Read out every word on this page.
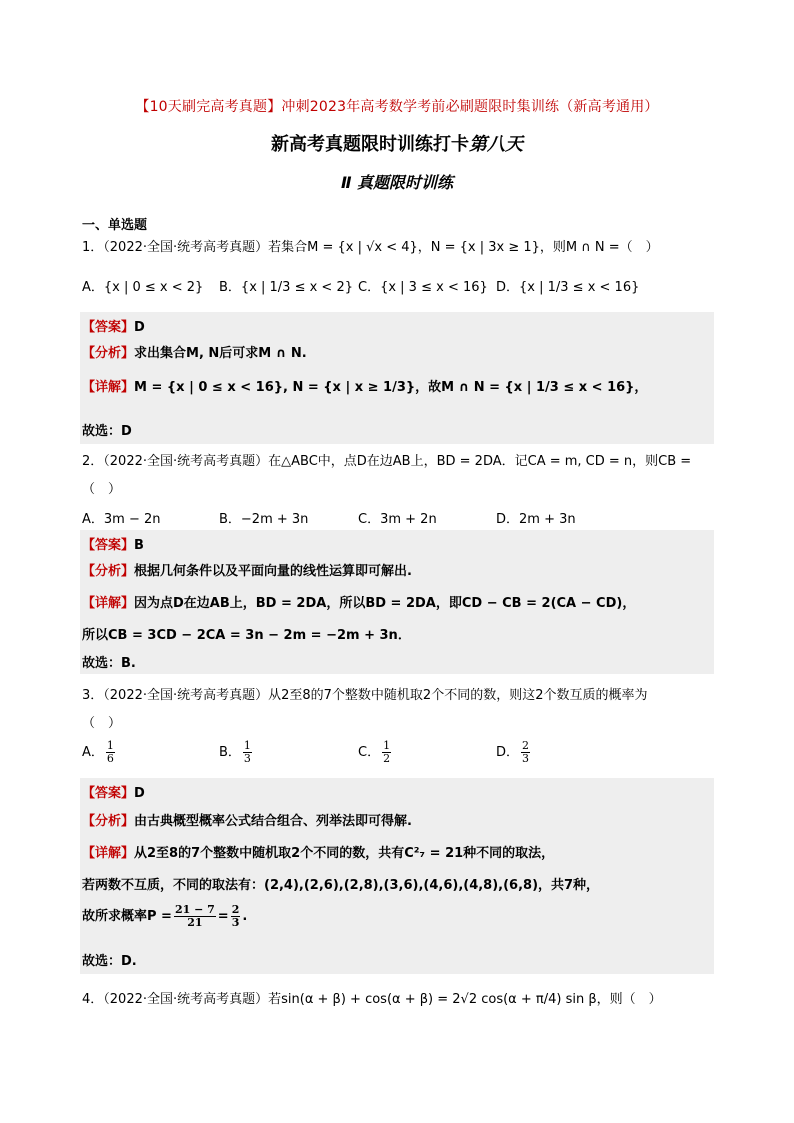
【10天刷完高考真题】冲刺2023年高考数学考前必刷题限时集训练（新高考通用）
新高考真题限时训练打卡第八天
Ⅱ 真题限时训练
一、单选题
1．（2022·全国·统考高考真题）若集合M = {x | √x < 4}，N = {x | 3x ≥ 1}，则M ∩ N =（　）
A．{x | 0 ≤ x < 2} B．{x | 1/3 ≤ x < 2} C．{x | 3 ≤ x < 16} D．{x | 1/3 ≤ x < 16}
【答案】D
【分析】求出集合M, N后可求M ∩ N.
【详解】M = {x | 0 ≤ x < 16}, N = {x | x ≥ 1/3}，故M ∩ N = {x | 1/3 ≤ x < 16}，
故选：D
2．（2022·全国·统考高考真题）在△ABC中，点D在边AB上，BD = 2DA．记CA = m, CD = n，则CB =
（　）
A．3m − 2n	B．−2m + 3n	C．3m + 2n	D．2m + 3n
【答案】B
【分析】根据几何条件以及平面向量的线性运算即可解出.
【详解】因为点D在边AB上，BD = 2DA，所以BD = 2DA，即CD − CB = 2(CA − CD)，
所以CB = 3CD − 2CA = 3n − 2m = −2m + 3n．
故选：B.
3．（2022·全国·统考高考真题）从2至8的7个整数中随机取2个不同的数，则这2个数互质的概率为
（　）
A． $\frac{1}{6}$	B． $\frac{1}{3}$	C． $\frac{1}{2}$	D． $\frac{2}{3}$
【答案】D
【分析】由古典概型概率公式结合组合、列举法即可得解.
【详解】从2至8的7个整数中随机取2个不同的数，共有C²₇ = 21种不同的取法，
若两数不互质，不同的取法有：(2,4),(2,6),(2,8),(3,6),(4,6),(4,8),(6,8)，共7种，
故所求概率$P = \frac{21 - 7}{21} = \frac{2}{3}$ .
故选：D.
4．（2022·全国·统考高考真题）若sin(α + β) + cos(α + β) = 2√2 cos(α + π/4) sin β，则（　）
